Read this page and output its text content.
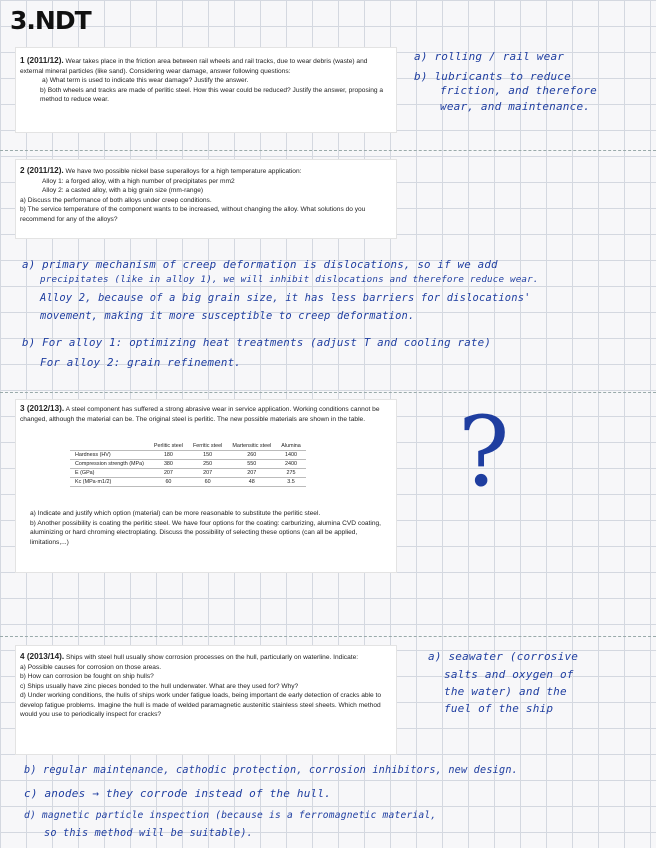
3.NDT

1 (2011/12). Wear takes place in the friction area between rail wheels and rail tracks, due to wear debris (waste) and external mineral particles (like sand). Considering wear damage, answer following questions:

a) What term is used to indicate this wear damage? Justify the answer.

b) Both wheels and tracks are made of perlitic steel. How this wear could be reduced? Justify the answer, proposing a method to reduce wear.

a) rolling / rail wear
b) lubricants to reduce
friction, and therefore
wear, and maintenance.

2 (2011/12). We have two possible nickel base superalloys for a high temperature application:

Alloy 1: a forged alloy, with a high number of precipitates per mm2

Alloy 2: a casted alloy, with a big grain size (mm-range)

a) Discuss the performance of both alloys under creep conditions.

b) The service temperature of the component wants to be increased, without changing the alloy. What solutions do you recommend for any of the alloys?

a) primary mechanism of creep deformation is dislocations, so if we add
precipitates (like in alloy 1), we will inhibit dislocations and therefore reduce wear.
Alloy 2, because of a big grain size, it has less barriers for dislocations'
movement, making it more susceptible to creep deformation.
b) For alloy 1: optimizing heat treatments (adjust T and cooling rate)
For alloy 2: grain refinement.

3 (2012/13). A steel component has suffered a strong abrasive wear in service application. Working conditions cannot be changed, although the material can be. The original steel is perlitic. The new possible materials are shown in the table.

	Perlitic steel	Ferritic steel	Martensitic steel	Alumina
Hardness (HV)	180	150	260	1400
Compression strength (MPa)	380	250	550	2400
E (GPa)	207	207	207	275
Kc (MPa·m1/2)	60	60	48	3.5

a) Indicate and justify which option (material) can be more reasonable to substitute the perlitic steel.

b) Another possibility is coating the perlitic steel. We have four options for the coating: carburizing, alumina CVD coating, aluminizing or hard chroming electroplating. Discuss the possibility of selecting these options (can all be applied, limitations,...)

?

4 (2013/14). Ships with steel hull usually show corrosion processes on the hull, particularly on waterline. Indicate:

a) Possible causes for corrosion on those areas.

b) How can corrosion be fought on ship hulls?

c) Ships usually have zinc pieces bonded to the hull underwater. What are they used for? Why?

d) Under working conditions, the hulls of ships work under fatigue loads, being important de early detection of cracks able to develop fatigue problems. Imagine the hull is made of welded paramagnetic austenitic stainless steel sheets. Which method would you use to periodically inspect for cracks?

a) seawater (corrosive
salts and oxygen of
the water) and the
fuel of the ship
b) regular maintenance, cathodic protection, corrosion inhibitors, new design.
c) anodes → they corrode instead of the hull.
d) magnetic particle inspection (because is a ferromagnetic material,
so this method will be suitable).
